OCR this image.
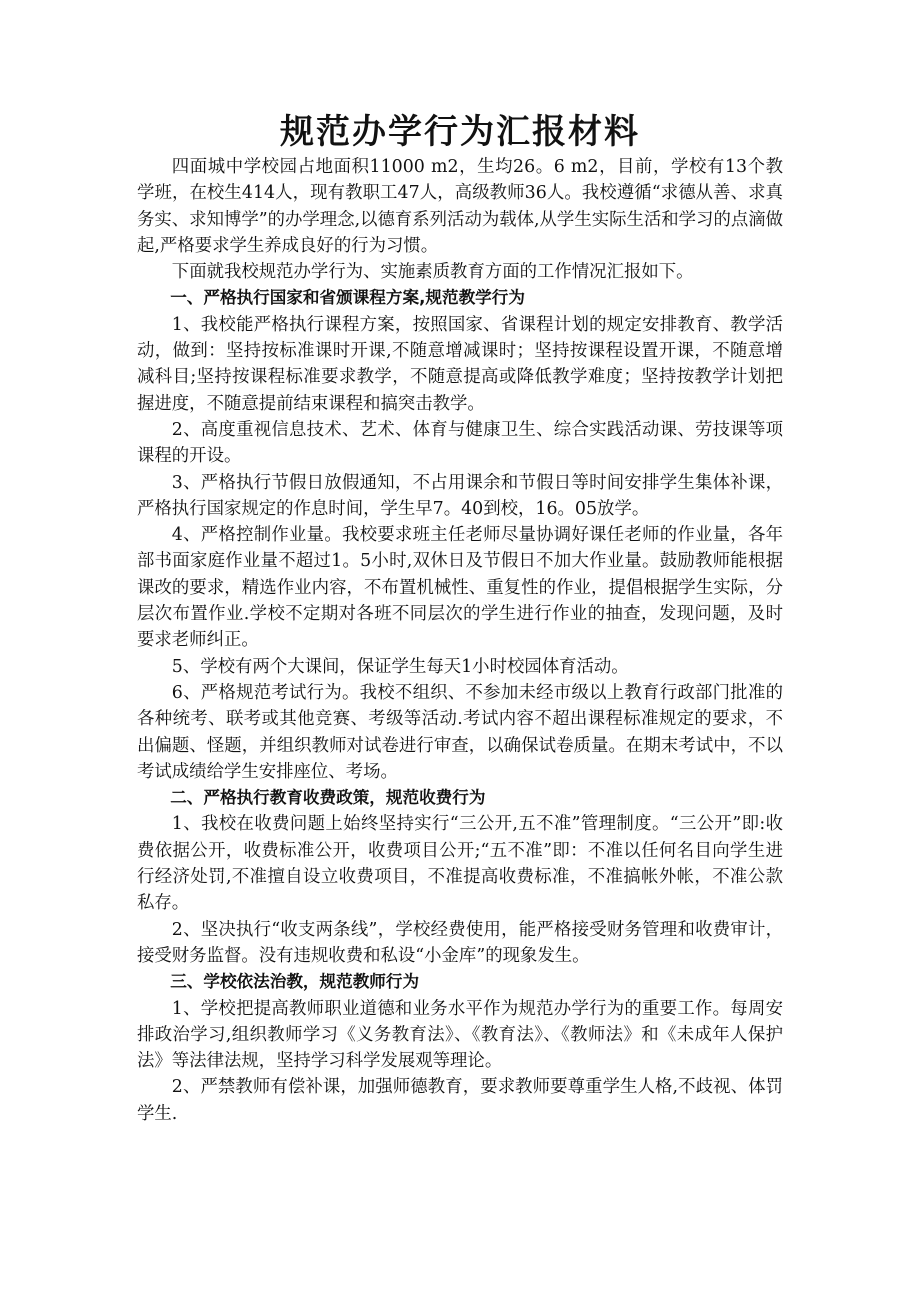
规范办学行为汇报材料

四面城中学校园占地面积11000 m2，生均26。6 m2，目前，学校有13个教学班，在校生414人，现有教职工47人，高级教师36人。我校遵循“求德从善、求真务实、求知博学”的办学理念,以德育系列活动为载体,从学生实际生活和学习的点滴做起,严格要求学生养成良好的行为习惯。

下面就我校规范办学行为、实施素质教育方面的工作情况汇报如下。

一、严格执行国家和省颁课程方案,规范教学行为

1、我校能严格执行课程方案，按照国家、省课程计划的规定安排教育、教学活动，做到：坚持按标准课时开课,不随意增减课时；坚持按课程设置开课，不随意增减科目;坚持按课程标准要求教学，不随意提高或降低教学难度；坚持按教学计划把握进度，不随意提前结束课程和搞突击教学。

2、高度重视信息技术、艺术、体育与健康卫生、综合实践活动课、劳技课等项课程的开设。

3、严格执行节假日放假通知，不占用课余和节假日等时间安排学生集体补课，严格执行国家规定的作息时间，学生早7。40到校，16。05放学。

4、严格控制作业量。我校要求班主任老师尽量协调好课任老师的作业量，各年部书面家庭作业量不超过1。5小时,双休日及节假日不加大作业量。鼓励教师能根据课改的要求，精选作业内容，不布置机械性、重复性的作业，提倡根据学生实际，分层次布置作业.学校不定期对各班不同层次的学生进行作业的抽查，发现问题，及时要求老师纠正。

5、学校有两个大课间，保证学生每天1小时校园体育活动。

6、严格规范考试行为。我校不组织、不参加未经市级以上教育行政部门批准的各种统考、联考或其他竞赛、考级等活动.考试内容不超出课程标准规定的要求，不出偏题、怪题，并组织教师对试卷进行审查，以确保试卷质量。在期末考试中，不以考试成绩给学生安排座位、考场。

二、严格执行教育收费政策，规范收费行为

1、我校在收费问题上始终坚持实行“三公开,五不准”管理制度。“三公开”即:收费依据公开，收费标准公开，收费项目公开;“五不准”即：不准以任何名目向学生进行经济处罚,不准擅自设立收费项目，不准提高收费标准，不准搞帐外帐，不准公款私存。

2、坚决执行“收支两条线”，学校经费使用，能严格接受财务管理和收费审计，接受财务监督。没有违规收费和私设“小金库”的现象发生。

三、学校依法治教，规范教师行为

1、学校把提高教师职业道德和业务水平作为规范办学行为的重要工作。每周安排政治学习,组织教师学习《义务教育法》、《教育法》、《教师法》和《未成年人保护法》等法律法规，坚持学习科学发展观等理论。

2、严禁教师有偿补课，加强师德教育，要求教师要尊重学生人格,不歧视、体罚学生.
